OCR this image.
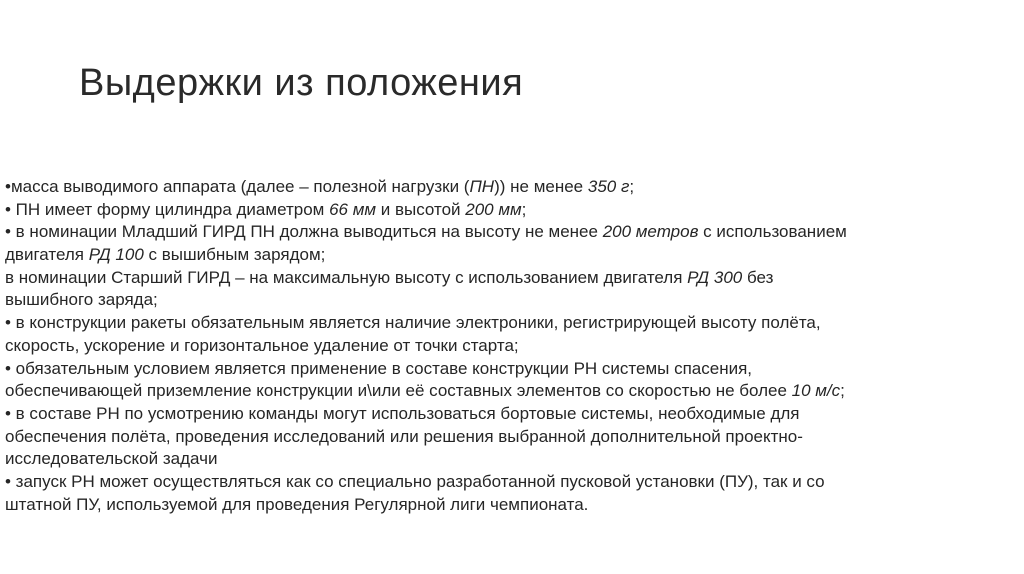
Выдержки из положения
•масса выводимого аппарата (далее – полезной нагрузки (ПН)) не менее 350 г;
• ПН имеет форму цилиндра диаметром 66 мм и высотой 200 мм;
• в номинации Младший ГИРД ПН должна выводиться на высоту не менее 200 метров с использованием
двигателя РД 100 с вышибным зарядом;
в номинации Старший ГИРД – на максимальную высоту с использованием двигателя РД 300 без
вышибного заряда;
• в конструкции ракеты обязательным является наличие электроники, регистрирующей высоту полёта,
скорость, ускорение и горизонтальное удаление от точки старта;
• обязательным условием является применение в составе конструкции РН системы спасения,
обеспечивающей приземление конструкции и\или её составных элементов со скоростью не более 10 м/с;
• в составе РН по усмотрению команды могут использоваться бортовые системы, необходимые для
обеспечения полёта, проведения исследований или решения выбранной дополнительной проектно-
исследовательской задачи
• запуск РН может осуществляться как со специально разработанной пусковой установки (ПУ), так и со
штатной ПУ, используемой для проведения Регулярной лиги чемпионата.
